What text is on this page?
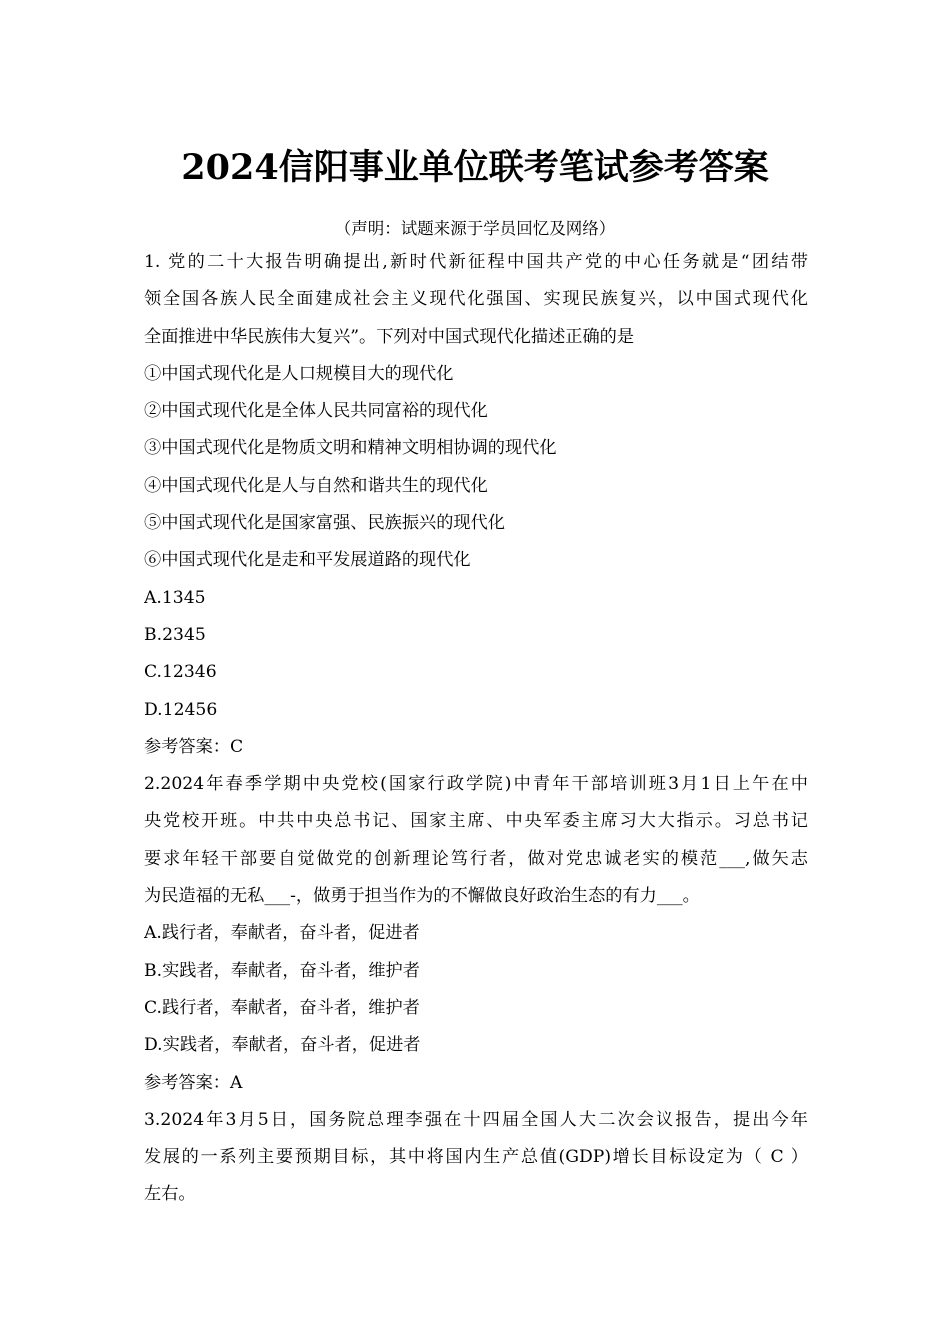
2024信阳事业单位联考笔试参考答案
（声明：试题来源于学员回忆及网络）
1. 党的二十大报告明确提出,新时代新征程中国共产党的中心任务就是“团结带
领全国各族人民全面建成社会主义现代化强国、实现民族复兴，以中国式现代化
全面推进中华民族伟大复兴”。下列对中国式现代化描述正确的是
①中国式现代化是人口规模目大的现代化
②中国式现代化是全体人民共同富裕的现代化
③中国式现代化是物质文明和精神文明相协调的现代化
④中国式现代化是人与自然和谐共生的现代化
⑤中国式现代化是国家富强、民族振兴的现代化
⑥中国式现代化是走和平发展道路的现代化
A.1345
B.2345
C.12346
D.12456
参考答案：C
2.2024年春季学期中央党校(国家行政学院)中青年干部培训班3月1日上午在中
央党校开班。中共中央总书记、国家主席、中央军委主席习大大指示。习总书记
要求年轻干部要自觉做党的创新理论笃行者，做对党忠诚老实的模范___,做矢志
为民造福的无私___-，做勇于担当作为的不懈做良好政治生态的有力___。
A.践行者，奉献者，奋斗者，促进者
B.实践者，奉献者，奋斗者，维护者
C.践行者，奉献者，奋斗者，维护者
D.实践者，奉献者，奋斗者，促进者
参考答案：A
3.2024年3月5日，国务院总理李强在十四届全国人大二次会议报告，提出今年
发展的一系列主要预期目标，其中将国内生产总值(GDP)增长目标设定为（ C ）
左右。
